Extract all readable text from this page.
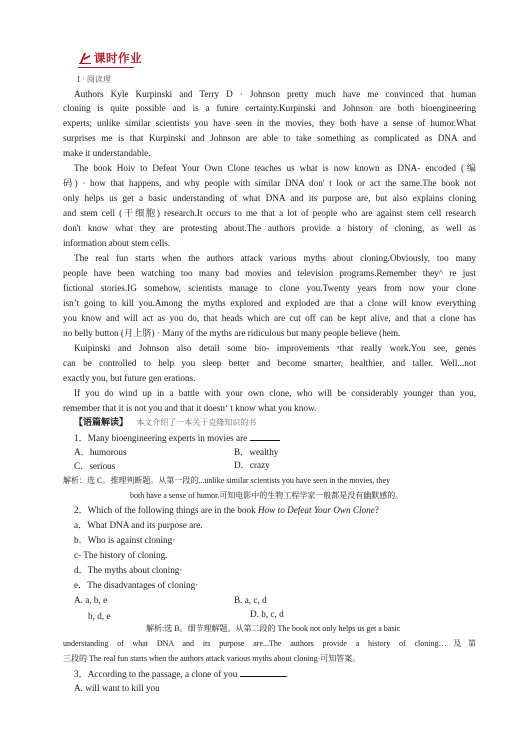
课时作业
Ⅰ · 阅读理
Authors Kyle Kurpinski and Terry D · Johnson pretty much have me convinced that human
cloning is quite possible and is a future certainty.Kurpinski and Johnson are both bioengineering
experts; unlike similar scientists you have seen in the movies, they both have a sense of humor.What
surprises me is that Kurpinski and Johnson are able to take something as complicated as DNA and
make it understandable.
The book Hoiv to Defeat Your Own Clone teaches us what is now known as DNA- encoded (编
码) · how that happens, and why people with similar DNA don' t look or act the same.The book not
only helps us get a basic understanding of what DNA and its purpose are, but also explains cloning
and stem cell (干细胞) research.It occurs to me that a lot of people who are against stem cell research
don't know what they are protesting about.The authors provide a history of cloning, as well as
information about stem cells.
The real fun starts when the authors attack various myths about cloning.Obviously, too many
people have been watching too many bad movies and television programs.Remember they^ re just
fictional stories.IG somehow, scientists manage to clone you.Twenty years from now your clone
isn’t going to kill you.Among the myths explored and exploded are that a clone will know everything
you know and will act as you do, that heads which are cut off can be kept alive, and that a clone has
no belly button (月上脐) · Many of the myths are ridiculous but many people believe (hem.
Kuipinski and Johnson also detail some bio- improvements ᵃthat really work.You see, genes
can be controlled to help you sleep better and become smarter, healthier, and taller. Well...not
exactly you, but future gen erations.
If you do wind up in a battle with your own clone, who will be considerably younger than you,
remember that it is not you and that it doesn‘ t know what you know.
【语篇解读】 本文介绍了一本关于克隆知识的书
1．Many bioengineering experts in movies are
A．humorous	B．wealthy
C．serious	D．crazy
解析：选 C。推理判断题。从第一段的...unlike similar scientists you have seen in the movies, they
both have a sense of humor.可知电影中的生物工程学家一般都是没有幽默感的。
2．Which of the following things are in the book How to Defeat Your Own Clone?
a．What DNA and its purpose are.
b．Who is against cloning·
c- The history of cloning.
d．The myths about cloning·
e．The disadvantages of cloning·
A. a, b, e	B. a, c, d
b, d, e	D. b, c, d
解析:选 B。细节理解题。从第二段的 The book not only helps us get a basic
understanding of what DNA and its purpose are...The authors provide a history of cloning…及第
三段的 The real fun starts when the authors attack various myths about cloning·可知答案。
3．According to the passage, a clone of you	.
A. will want to kill you
